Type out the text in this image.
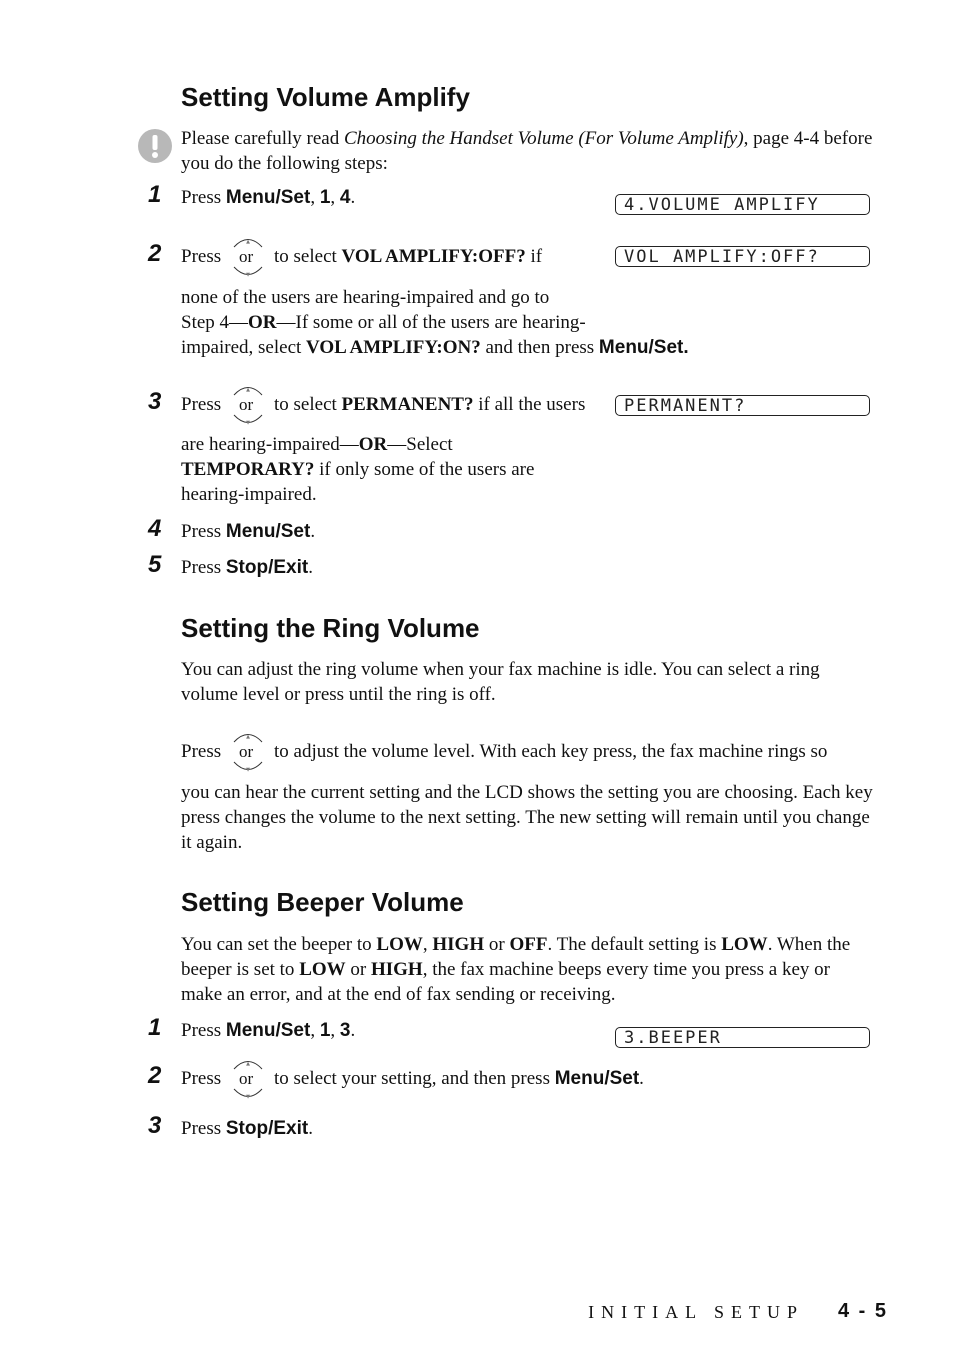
Setting Volume Amplify
Please carefully read Choosing the Handset Volume (For Volume Amplify), page 4-4 before you do the following steps:
1	Press Menu/Set, 1, 4.	4.VOLUME AMPLIFY
2	Press
▲
▼
or to select VOL AMPLIFY:OFF? if	VOL AMPLIFY:OFF?
none of the users are hearing-impaired and go to
Step 4—OR—If some or all of the users are hearing-
impaired, select VOL AMPLIFY:ON? and then press Menu/Set.
3	Press
▲
▼
or to select PERMANENT? if all the users	PERMANENT?
are hearing-impaired—OR—Select
TEMPORARY? if only some of the users are
hearing-impaired.
4	Press Menu/Set.
5	Press Stop/Exit.
Setting the Ring Volume
You can adjust the ring volume when your fax machine is idle. You can select a ring volume level or press until the ring is off.
Press
▲
▼
or to adjust the volume level. With each key press, the fax machine rings so
you can hear the current setting and the LCD shows the setting you are choosing. Each key press changes the volume to the next setting. The new setting will remain until you change it again.
Setting Beeper Volume
You can set the beeper to LOW, HIGH or OFF. The default setting is LOW. When the beeper is set to LOW or HIGH, the fax machine beeps every time you press a key or make an error, and at the end of fax sending or receiving.
1	Press Menu/Set, 1, 3.	3.BEEPER
2	Press
▲
▼
or to select your setting, and then press Menu/Set.
3	Press Stop/Exit.
INITIAL SETUP 4 - 5
